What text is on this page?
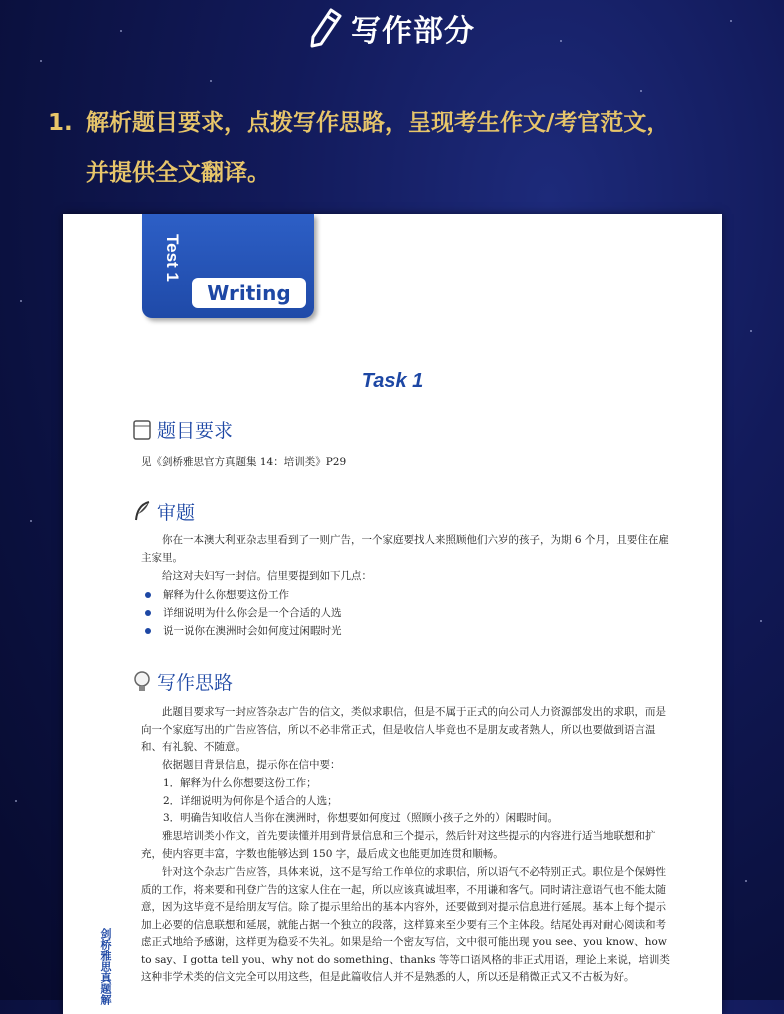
写作部分
1. 解析题目要求，点拨写作思路，呈现考生作文/考官范文，
并提供全文翻译。
Test 1
Writing
Task 1
题目要求
见《剑桥雅思官方真题集 14：培训类》P29
审题
你在一本澳大利亚杂志里看到了一则广告，一个家庭要找人来照顾他们六岁的孩子，为期 6 个月，且要住在雇主家里。
给这对夫妇写一封信。信里要提到如下几点：
解释为什么你想要这份工作
详细说明为什么你会是一个合适的人选
说一说你在澳洲时会如何度过闲暇时光
写作思路
此题目要求写一封应答杂志广告的信文，类似求职信，但是不属于正式的向公司人力资源部发出的求职，而是向一个家庭写出的广告应答信，所以不必非常正式，但是收信人毕竟也不是朋友或者熟人，所以也要做到语言温和、有礼貌、不随意。
依据题目背景信息，提示你在信中要：
1．解释为什么你想要这份工作；
2．详细说明为何你是个适合的人选；
3．明确告知收信人当你在澳洲时，你想要如何度过（照顾小孩子之外的）闲暇时间。
雅思培训类小作文，首先要读懂并用到背景信息和三个提示，然后针对这些提示的内容进行适当地联想和扩充，使内容更丰富，字数也能够达到 150 字，最后成文也能更加连贯和顺畅。
针对这个杂志广告应答，具体来说，这不是写给工作单位的求职信，所以语气不必特别正式。职位是个保姆性质的工作，将来要和刊登广告的这家人住在一起，所以应该真诚坦率，不用谦和客气。同时请注意语气也不能太随意，因为这毕竟不是给朋友写信。除了提示里给出的基本内容外，还要做到对提示信息进行延展。基本上每个提示加上必要的信息联想和延展，就能占据一个独立的段落，这样算来至少要有三个主体段。结尾处再对耐心阅读和考虑正式地给予感谢，这样更为稳妥不失礼。如果是给一个密友写信，文中很可能出现 you see、you know、how to say、I gotta tell you、why not do something、thanks 等等口语风格的非正式用语，理论上来说，培训类这种非学术类的信文完全可以用这些，但是此篇收信人并不是熟悉的人，所以还是稍微正式又不古板为好。
剑桥雅思真题解
